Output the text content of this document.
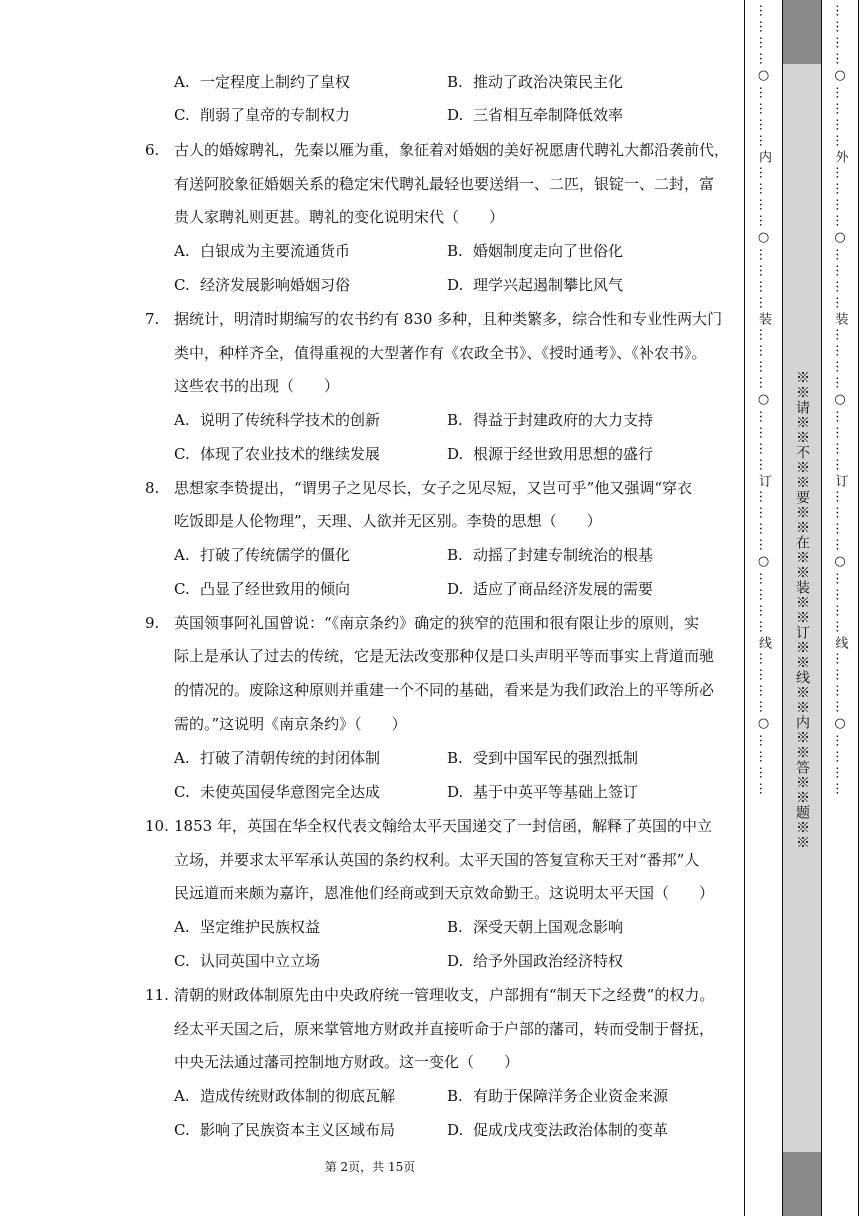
A. 一定程度上制约了皇权	B. 推动了政治决策民主化
C. 削弱了皇帝的专制权力	D. 三省相互牵制降低效率
6. 古人的婚嫁聘礼，先秦以雁为重，象征着对婚姻的美好祝愿唐代聘礼大都沿袭前代，
有送阿胶象征婚姻关系的稳定宋代聘礼最轻也要送绢一、二匹，银锭一、二封，富
贵人家聘礼则更甚。聘礼的变化说明宋代（　　）
A. 白银成为主要流通货币	B. 婚姻制度走向了世俗化
C. 经济发展影响婚姻习俗	D. 理学兴起遏制攀比风气
7. 据统计，明清时期编写的农书约有 830 多种，且种类繁多，综合性和专业性两大门
类中，种样齐全，值得重视的大型著作有《农政全书》、《授时通考》、《补农书》。
这些农书的出现（　　）
A. 说明了传统科学技术的创新	B. 得益于封建政府的大力支持
C. 体现了农业技术的继续发展	D. 根源于经世致用思想的盛行
8. 思想家李贽提出，“谓男子之见尽长，女子之见尽短，又岂可乎”他又强调“穿衣
吃饭即是人伦物理”，天理、人欲并无区别。李贽的思想（　　）
A. 打破了传统儒学的僵化	B. 动摇了封建专制统治的根基
C. 凸显了经世致用的倾向	D. 适应了商品经济发展的需要
9. 英国领事阿礼国曾说：“《南京条约》确定的狭窄的范围和很有限让步的原则，实
际上是承认了过去的传统，它是无法改变那种仅是口头声明平等而事实上背道而驰
的情况的。废除这种原则并重建一个不同的基础，看来是为我们政治上的平等所必
需的。”这说明《南京条约》（　　）
A. 打破了清朝传统的封闭体制	B. 受到中国军民的强烈抵制
C. 未使英国侵华意图完全达成	D. 基于中英平等基础上签订
10. 1853 年，英国在华全权代表文翰给太平天国递交了一封信函，解释了英国的中立
立场，并要求太平军承认英国的条约权利。太平天国的答复宣称天王对“番邦”人
民远道而来颇为嘉许，恩准他们经商或到天京效命勤王。这说明太平天国（　　）
A. 坚定维护民族权益	B. 深受天朝上国观念影响
C. 认同英国中立立场	D. 给予外国政治经济特权
11. 清朝的财政体制原先由中央政府统一管理收支，户部拥有“制天下之经费”的权力。
经太平天国之后，原来掌管地方财政并直接听命于户部的藩司，转而受制于督抚，
中央无法通过藩司控制地方财政。这一变化（　　）
A. 造成传统财政体制的彻底瓦解	B. 有助于保障洋务企业资金来源
C. 影响了民族资本主义区域布局	D. 促成戊戌变法政治体制的变革
第 2页，共 15页
…………○…………内…………○…………装…………○…………订…………○…………线…………○………… ※※请※※不※※要※※在※※装※※订※※线※※内※※答※※题※※ …………○…………外…………○…………装…………○…………订…………○…………线…………○…………
